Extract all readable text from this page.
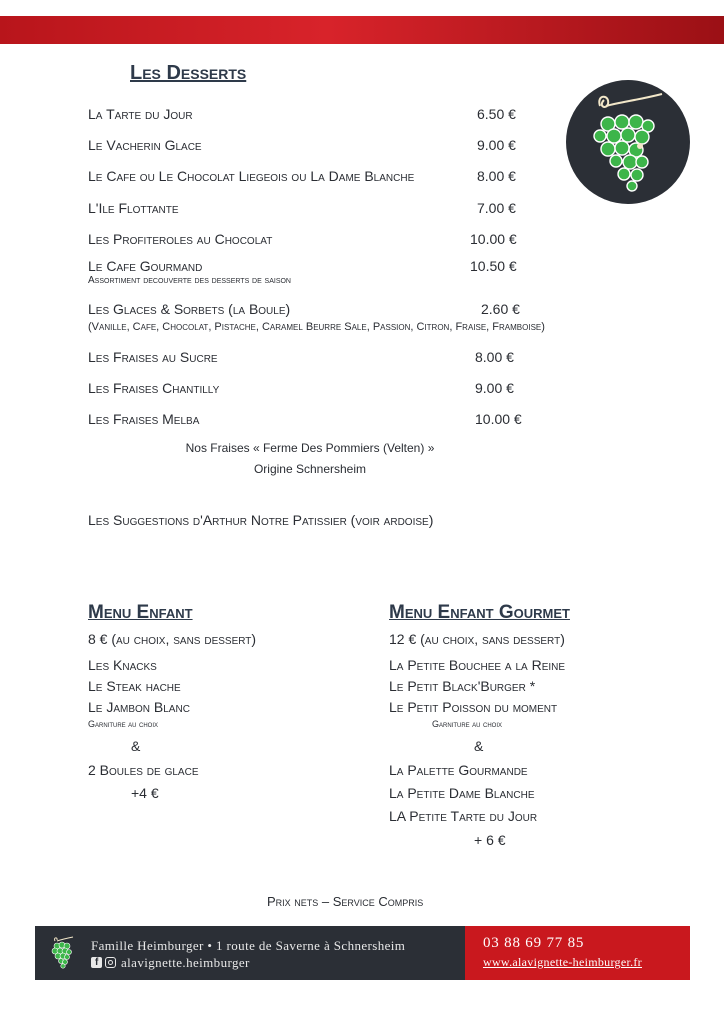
Les Desserts
La Tarte du Jour	6.50 €
Le Vacherin Glace	9.00 €
Le Cafe ou Le Chocolat Liegeois ou La Dame Blanche	8.00 €
L'Ile Flottante	7.00 €
Les Profiteroles au Chocolat	10.00 €
Le Cafe Gourmand	10.50 €
Assortiment decouverte des desserts de saison
Les Glaces & Sorbets (la Boule)	2.60 €
(Vanille, Cafe, Chocolat, Pistache, Caramel Beurre Sale, Passion, Citron, Fraise, Framboise)
Les Fraises au Sucre	8.00 €
Les Fraises Chantilly	9.00 €
Les Fraises Melba	10.00 €
Nos Fraises « Ferme Des Pommiers (Velten) »
Origine Schnersheim
Les Suggestions d'Arthur Notre Patissier (voir ardoise)
Menu Enfant
8 € (au choix, sans dessert)
Les Knacks
Le Steak hache
Le Jambon Blanc
Garniture au choix
&
2 Boules de glace
+4 €
Menu Enfant Gourmet
12 € (au choix, sans dessert)
La Petite Bouchee a la Reine
Le Petit Black'Burger *
Le Petit Poisson du moment
Garniture au choix
&
La Palette Gourmande
La Petite Dame Blanche
LA Petite Tarte du Jour
+ 6 €
Prix nets – Service Compris
Famille Heimburger • 1 route de Saverne à Schnersheim
f alavignette.heimburger
03 88 69 77 85
www.alavignette-heimburger.fr
